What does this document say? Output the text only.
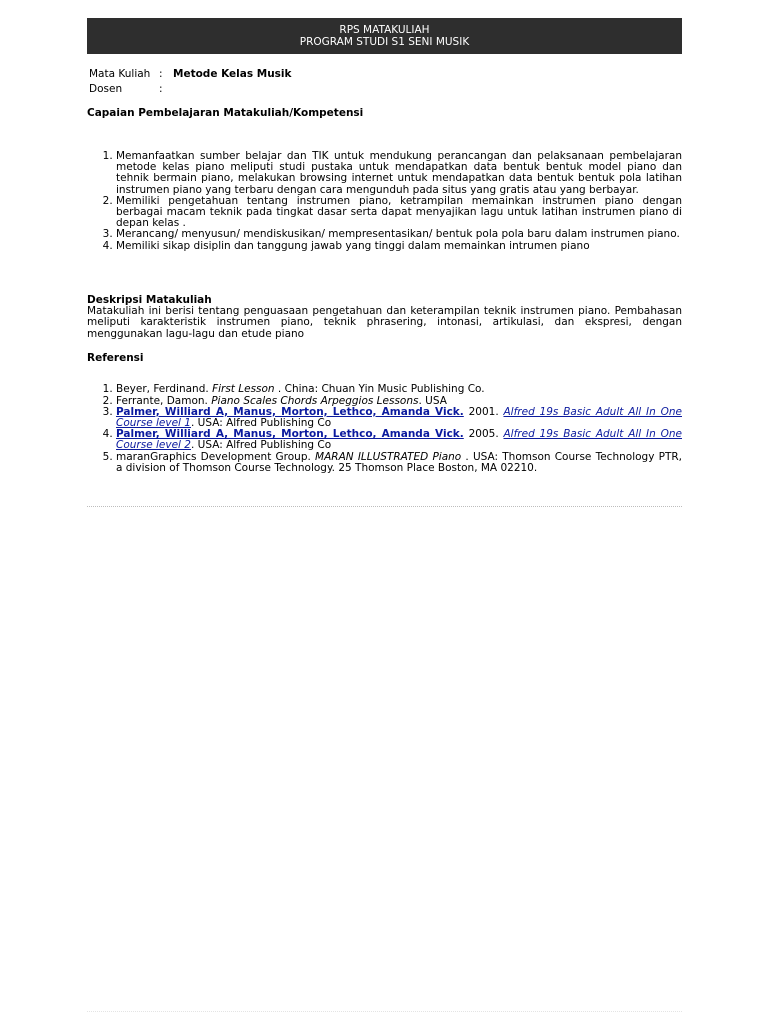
RPS MATAKULIAH
PROGRAM STUDI S1 SENI MUSIK
Mata Kuliah : Metode Kelas Musik
Dosen	:
Capaian Pembelajaran Matakuliah/Kompetensi
1. Memanfaatkan sumber belajar dan TIK untuk mendukung perancangan dan pelaksanaan pembelajaran metode kelas piano meliputi studi pustaka untuk mendapatkan data bentuk bentuk model piano dan tehnik bermain piano, melakukan browsing internet untuk mendapatkan data bentuk bentuk pola latihan instrumen piano yang terbaru dengan cara mengunduh pada situs yang gratis atau yang berbayar.
2. Memiliki pengetahuan tentang instrumen piano, ketrampilan memainkan instrumen piano dengan berbagai macam teknik pada tingkat dasar serta dapat menyajikan lagu untuk latihan instrumen piano di depan kelas .
3. Merancang/ menyusun/ mendiskusikan/ mempresentasikan/ bentuk pola pola baru dalam instrumen piano.
4. Memiliki sikap disiplin dan tanggung jawab yang tinggi dalam memainkan intrumen piano
Deskripsi Matakuliah
Matakuliah ini berisi tentang penguasaan pengetahuan dan keterampilan teknik instrumen piano. Pembahasan meliputi karakteristik instrumen piano, teknik phrasering, intonasi, artikulasi, dan ekspresi, dengan menggunakan lagu-lagu dan etude piano
Referensi
1. Beyer, Ferdinand. First Lesson . China: Chuan Yin Music Publishing Co.
2. Ferrante, Damon. Piano Scales Chords Arpeggios Lessons. USA
3. Palmer, Williard A, Manus, Morton, Lethco, Amanda Vick. 2001. Alfred 19s Basic Adult All In One Course level 1. USA: Alfred Publishing Co
4. Palmer, Williard A, Manus, Morton, Lethco, Amanda Vick. 2005. Alfred 19s Basic Adult All In One Course level 2. USA: Alfred Publishing Co
5. maranGraphics Development Group. MARAN ILLUSTRATED Piano . USA: Thomson Course Technology PTR, a division of Thomson Course Technology. 25 Thomson Place Boston, MA 02210.
